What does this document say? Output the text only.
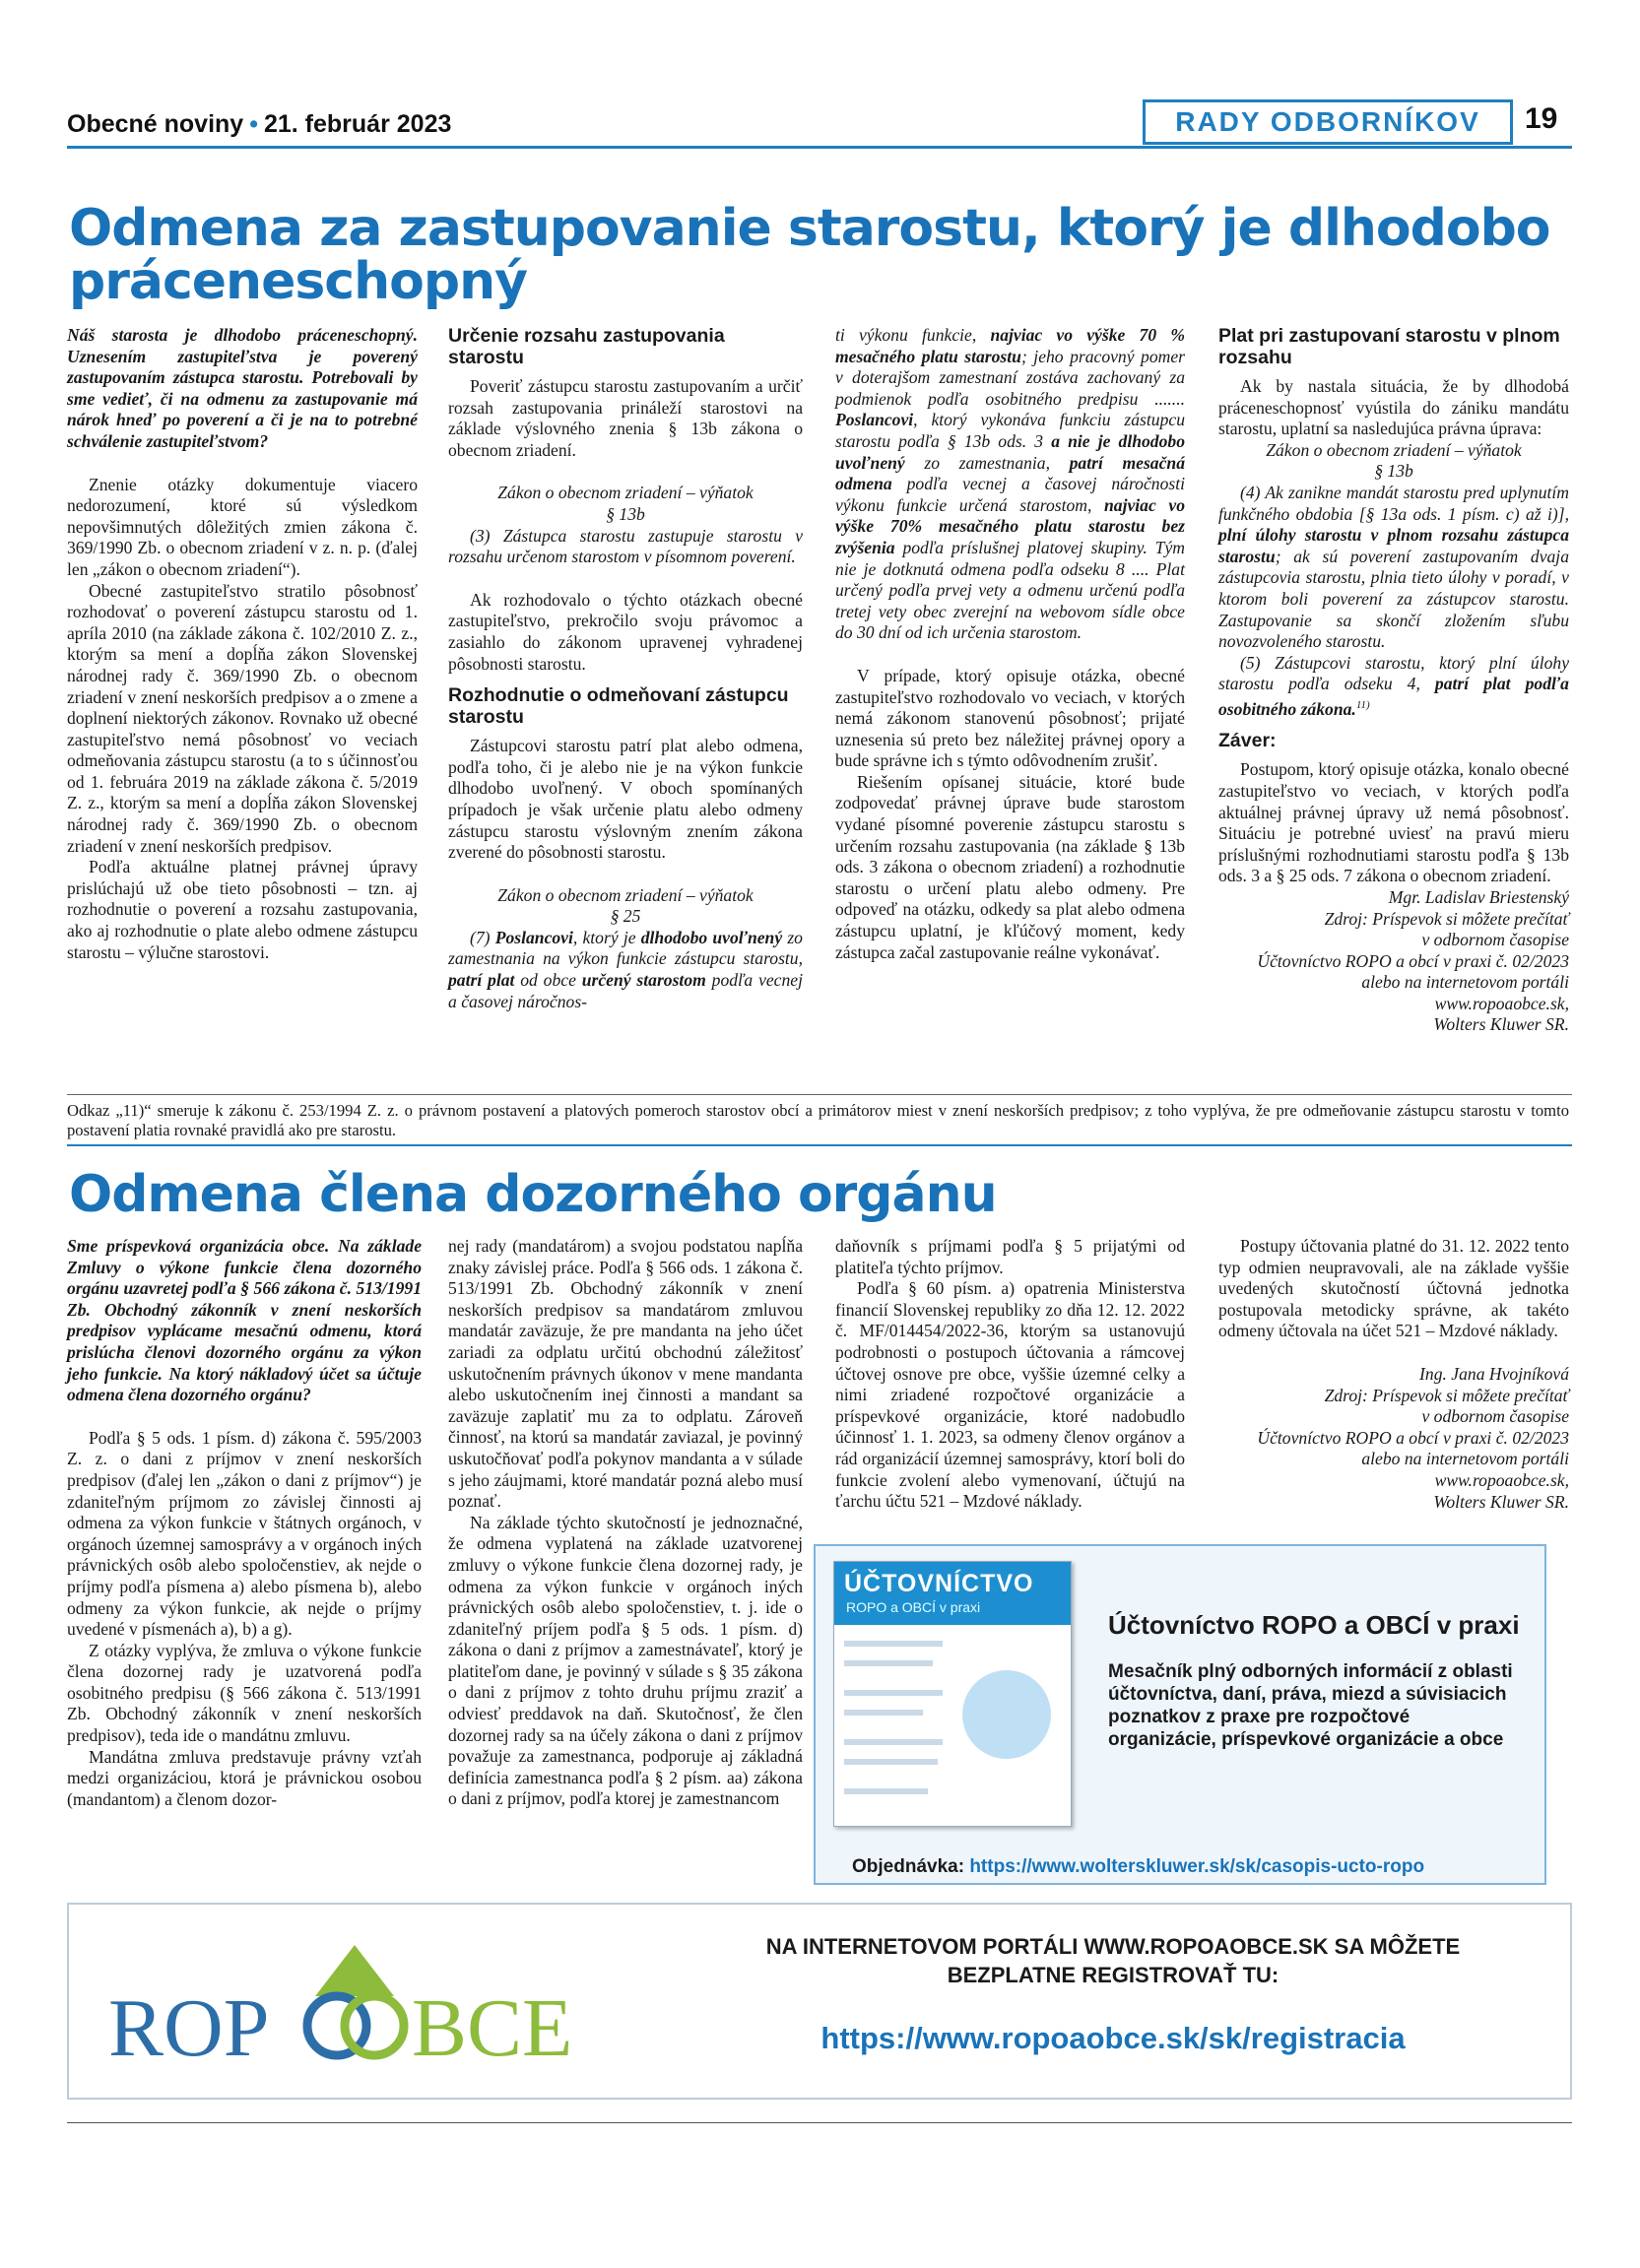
Obecné noviny • 21. február 2023	RADY ODBORNÍKOV	19
Odmena za zastupovanie starostu, ktorý je dlhodobo práceneschopný

Náš starosta je dlhodobo práceneschopný. Uznesením zastupiteľstva je poverený zastupovaním zástupca starostu. Potrebovali by sme vedieť, či na odmenu za zastupovanie má nárok hneď po poverení a či je na to potrebné schválenie zastupiteľstvom?

Znenie otázky dokumentuje viacero nedorozumení, ktoré sú výsledkom nepovšimnutých dôležitých zmien zákona č. 369/1990 Zb. o obecnom zriadení v z. n. p. (ďalej len „zákon o obecnom zriadení“).

Obecné zastupiteľstvo stratilo pôsobnosť rozhodovať o poverení zástupcu starostu od 1. apríla 2010 (na základe zákona č. 102/2010 Z. z., ktorým sa mení a dopĺňa zákon Slovenskej národnej rady č. 369/1990 Zb. o obecnom zriadení v znení neskorších predpisov a o zmene a doplnení niektorých zákonov. Rovnako už obecné zastupiteľstvo nemá pôsobnosť vo veciach odmeňovania zástupcu starostu (a to s účinnosťou od 1. februára 2019 na základe zákona č. 5/2019 Z. z., ktorým sa mení a dopĺňa zákon Slovenskej národnej rady č. 369/1990 Zb. o obecnom zriadení v znení neskorších predpisov.

Podľa aktuálne platnej právnej úpravy prislúchajú už obe tieto pôsobnosti – tzn. aj rozhodnutie o poverení a rozsahu zastupovania, ako aj rozhodnutie o plate alebo odmene zástupcu starostu – výlučne starostovi.

Určenie rozsahu zastupovania starostu

Poveriť zástupcu starostu zastupovaním a určiť rozsah zastupovania prináleží starostovi na základe výslovného znenia § 13b zákona o obecnom zriadení.

Zákon o obecnom zriadení – výňatok

§ 13b

(3) Zástupca starostu zastupuje starostu v rozsahu určenom starostom v písomnom poverení.

Ak rozhodovalo o týchto otázkach obecné zastupiteľstvo, prekročilo svoju právomoc a zasiahlo do zákonom upravenej vyhradenej pôsobnosti starostu.

Rozhodnutie o odmeňovaní zástupcu starostu

Zástupcovi starostu patrí plat alebo odmena, podľa toho, či je alebo nie je na výkon funkcie dlhodobo uvoľnený. V oboch spomínaných prípadoch je však určenie platu alebo odmeny zástupcu starostu výslovným znením zákona zverené do pôsobnosti starostu.

Zákon o obecnom zriadení – výňatok

§ 25

(7) Poslancovi, ktorý je dlhodobo uvoľnený zo zamestnania na výkon funkcie zástupcu starostu, patrí plat od obce určený starostom podľa vecnej a časovej náročnos-

ti výkonu funkcie, najviac vo výške 70 % mesačného platu starostu; jeho pracovný pomer v doterajšom zamestnaní zostáva zachovaný za podmienok podľa osobitného predpisu ....... Poslancovi, ktorý vykonáva funkciu zástupcu starostu podľa § 13b ods. 3 a nie je dlhodobo uvoľnený zo zamestnania, patrí mesačná odmena podľa vecnej a časovej náročnosti výkonu funkcie určená starostom, najviac vo výške 70% mesačného platu starostu bez zvýšenia podľa príslušnej platovej skupiny. Tým nie je dotknutá odmena podľa odseku 8 .... Plat určený podľa prvej vety a odmenu určenú podľa tretej vety obec zverejní na webovom sídle obce do 30 dní od ich určenia starostom.

V prípade, ktorý opisuje otázka, obecné zastupiteľstvo rozhodovalo vo veciach, v ktorých nemá zákonom stanovenú pôsobnosť; prijaté uznesenia sú preto bez náležitej právnej opory a bude správne ich s týmto odôvodnením zrušiť.

Riešením opísanej situácie, ktoré bude zodpovedať právnej úprave bude starostom vydané písomné poverenie zástupcu starostu s určením rozsahu zastupovania (na základe § 13b ods. 3 zákona o obecnom zriadení) a rozhodnutie starostu o určení platu alebo odmeny. Pre odpoveď na otázku, odkedy sa plat alebo odmena zástupcu uplatní, je kľúčový moment, kedy zástupca začal zastupovanie reálne vykonávať.

Plat pri zastupovaní starostu v plnom rozsahu

Ak by nastala situácia, že by dlhodobá práceneschopnosť vyústila do zániku mandátu starostu, uplatní sa nasledujúca právna úprava:

Zákon o obecnom zriadení – výňatok

§ 13b

(4) Ak zanikne mandát starostu pred uplynutím funkčného obdobia [§ 13a ods. 1 písm. c) až i)], plní úlohy starostu v plnom rozsahu zástupca starostu; ak sú poverení zastupovaním dvaja zástupcovia starostu, plnia tieto úlohy v poradí, v ktorom boli poverení za zástupcov starostu. Zastupovanie sa skončí zložením sľubu novozvoleného starostu.

(5) Zástupcovi starostu, ktorý plní úlohy starostu podľa odseku 4, patrí plat podľa osobitného zákona.$^{11)}$

Záver:

Postupom, ktorý opisuje otázka, konalo obecné zastupiteľstvo vo veciach, v ktorých podľa aktuálnej právnej úpravy už nemá pôsobnosť. Situáciu je potrebné uviesť na pravú mieru príslušnými rozhodnutiami starostu podľa § 13b ods. 3 a § 25 ods. 7 zákona o obecnom zriadení.

Mgr. Ladislav Briestenský
Zdroj: Príspevok si môžete prečítať
v odbornom časopise
Účtovníctvo ROPO a obcí v praxi č. 02/2023
alebo na internetovom portáli
www.ropoaobce.sk,
Wolters Kluwer SR.

Odkaz „11)“ smeruje k zákonu č. 253/1994 Z. z. o právnom postavení a platových pomeroch starostov obcí a primátorov miest v znení neskorších predpisov; z toho vyplýva, že pre odmeňovanie zástupcu starostu v tomto postavení platia rovnaké pravidlá ako pre starostu.
Odmena člena dozorného orgánu

Sme príspevková organizácia obce. Na základe Zmluvy o výkone funkcie člena dozorného orgánu uzavretej podľa § 566 zákona č. 513/1991 Zb. Obchodný zákonník v znení neskorších predpisov vyplácame mesačnú odmenu, ktorá prislúcha členovi dozorného orgánu za výkon jeho funkcie. Na ktorý nákladový účet sa účtuje odmena člena dozorného orgánu?

Podľa § 5 ods. 1 písm. d) zákona č. 595/2003 Z. z. o dani z príjmov v znení neskorších predpisov (ďalej len „zákon o dani z príjmov“) je zdaniteľným príjmom zo závislej činnosti aj odmena za výkon funkcie v štátnych orgánoch, v orgánoch územnej samosprávy a v orgánoch iných právnických osôb alebo spoločenstiev, ak nejde o príjmy podľa písmena a) alebo písmena b), alebo odmeny za výkon funkcie, ak nejde o príjmy uvedené v písmenách a), b) a g).

Z otázky vyplýva, že zmluva o výkone funkcie člena dozornej rady je uzatvorená podľa osobitného predpisu (§ 566 zákona č. 513/1991 Zb. Obchodný zákonník v znení neskorších predpisov), teda ide o mandátnu zmluvu.

Mandátna zmluva predstavuje právny vzťah medzi organizáciou, ktorá je právnickou osobou (mandantom) a členom dozor-

nej rady (mandatárom) a svojou podstatou napĺňa znaky závislej práce. Podľa § 566 ods. 1 zákona č. 513/1991 Zb. Obchodný zákonník v znení neskorších predpisov sa mandatárom zmluvou mandatár zaväzuje, že pre mandanta na jeho účet zariadi za odplatu určitú obchodnú záležitosť uskutočnením právnych úkonov v mene mandanta alebo uskutočnením inej činnosti a mandant sa zaväzuje zaplatiť mu za to odplatu. Zároveň činnosť, na ktorú sa mandatár zaviazal, je povinný uskutočňovať podľa pokynov mandanta a v súlade s jeho záujmami, ktoré mandatár pozná alebo musí poznať.

Na základe týchto skutočností je jednoznačné, že odmena vyplatená na základe uzatvorenej zmluvy o výkone funkcie člena dozornej rady, je odmena za výkon funkcie v orgánoch iných právnických osôb alebo spoločenstiev, t. j. ide o zdaniteľný príjem podľa § 5 ods. 1 písm. d) zákona o dani z príjmov a zamestnávateľ, ktorý je platiteľom dane, je povinný v súlade s § 35 zákona o dani z príjmov z tohto druhu príjmu zraziť a odviesť preddavok na daň. Skutočnosť, že člen dozornej rady sa na účely zákona o dani z príjmov považuje za zamestnanca, podporuje aj základná definícia zamestnanca podľa § 2 písm. aa) zákona o dani z príjmov, podľa ktorej je zamestnancom

daňovník s príjmami podľa § 5 prijatými od platiteľa týchto príjmov.

Podľa § 60 písm. a) opatrenia Ministerstva financií Slovenskej republiky zo dňa 12. 12. 2022 č. MF/014454/2022-36, ktorým sa ustanovujú podrobnosti o postupoch účtovania a rámcovej účtovej osnove pre obce, vyššie územné celky a nimi zriadené rozpočtové organizácie a príspevkové organizácie, ktoré nadobudlo účinnosť 1. 1. 2023, sa odmeny členov orgánov a rád organizácií územnej samosprávy, ktorí boli do funkcie zvolení alebo vymenovaní, účtujú na ťarchu účtu 521 – Mzdové náklady.

Postupy účtovania platné do 31. 12. 2022 tento typ odmien neupravovali, ale na základe vyššie uvedených skutočností účtovná jednotka postupovala metodicky správne, ak takéto odmeny účtovala na účet 521 – Mzdové náklady.

Ing. Jana Hvojníková
Zdroj: Príspevok si môžete prečítať
v odbornom časopise
Účtovníctvo ROPO a obcí v praxi č. 02/2023
alebo na internetovom portáli
www.ropoaobce.sk,
Wolters Kluwer SR.

ÚČTOVNÍCTVO
ROPO a OBCÍ v praxi
Účtovníctvo ROPO a OBCÍ v praxi
Mesačník plný odborných informácií z oblasti účtovníctva, daní, práva, miezd a súvisiacich poznatkov z praxe pre rozpočtové organizácie, príspevkové organizácie a obce
Objednávka: https://www.wolterskluwer.sk/sk/casopis-ucto-ropo
ROP BCE
NA INTERNETOVOM PORTÁLI WWW.ROPOAOBCE.SK SA MÔŽETE
BEZPLATNE REGISTROVAŤ TU:
https://www.ropoaobce.sk/sk/registracia
